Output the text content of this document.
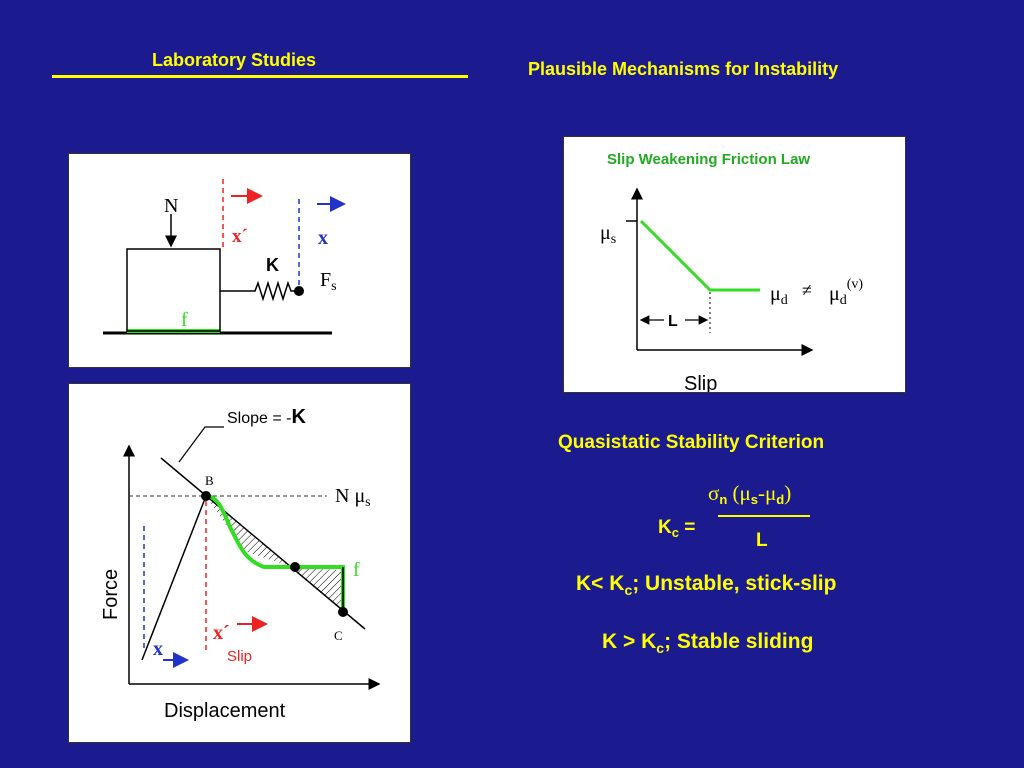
Laboratory Studies	Plausible Mechanisms for Instability
N
x´	x
K
$F_s$
f
Slip Weakening Friction Law
$\mu_s$
L
$\mu_d$
≠ $\mu_d^{(v)}$
Slip
B
C
N $\mu_s$
f
Slope = -K
x´
Slip
x
Force
Displacement
Quasistatic Stability Criterion
σn (μs-μd)
$K_c$ =
L
$K< K_c$; Unstable, stick-slip
$K > K_c$; Stable sliding
